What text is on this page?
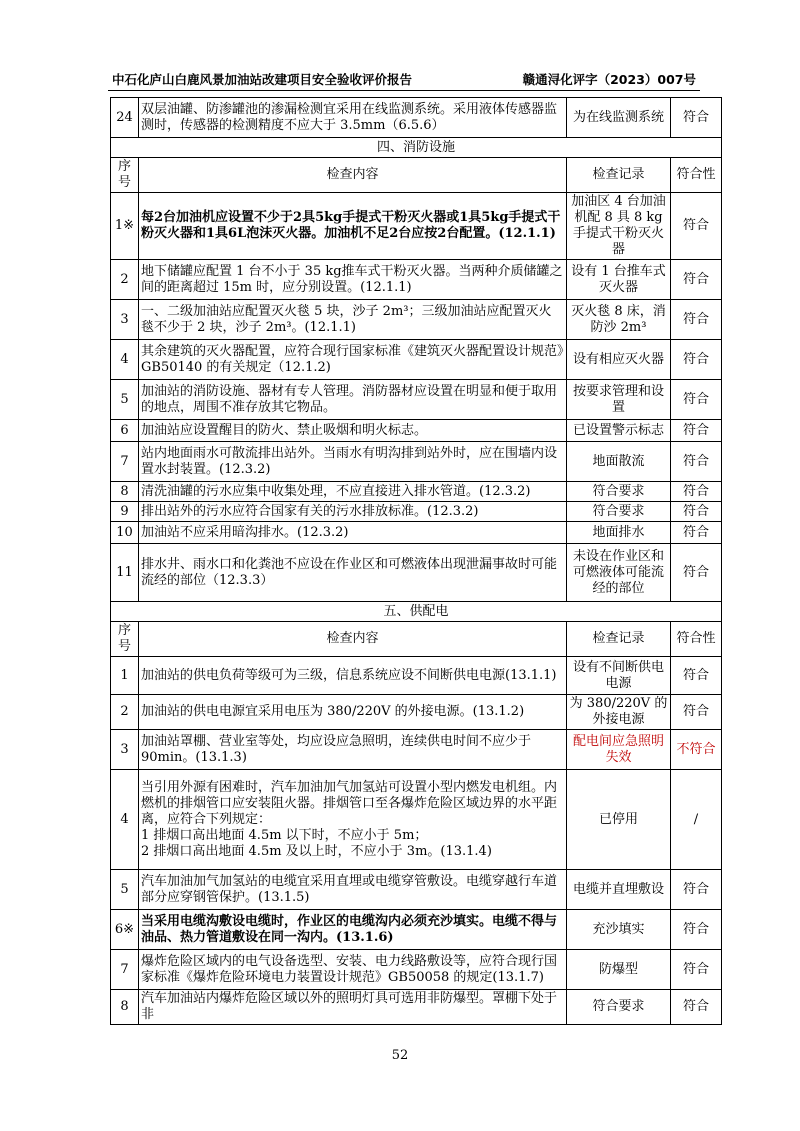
中石化庐山白鹿风景加油站改建项目安全验收评价报告	赣通浔化评字（2023）007号
24	双层油罐、防渗罐池的渗漏检测宜采用在线监测系统。采用液体传感器监测时，传感器的检测精度不应大于 3.5mm（6.5.6）	为在线监测系统	符合
四、消防设施			
序号	检查内容	检查记录	符合性
1※	每2台加油机应设置不少于2具5kg手提式干粉灭火器或1具5kg手提式干粉灭火器和1具6L泡沫灭火器。加油机不足2台应按2台配置。(12.1.1)	加油区 4 台加油机配 8 具 8 kg手提式干粉灭火器	符合
2	地下储罐应配置 1 台不小于 35 kg推车式干粉灭火器。当两种介质储罐之间的距离超过 15m 时，应分别设置。(12.1.1)	设有 1 台推车式灭火器	符合
3	一、二级加油站应配置灭火毯 5 块，沙子 2m³；三级加油站应配置灭火毯不少于 2 块，沙子 2m³。(12.1.1)	灭火毯 8 床，消防沙 2m³	符合
4	其余建筑的灭火器配置，应符合现行国家标准《建筑灭火器配置设计规范》GB50140 的有关规定（12.1.2)	设有相应灭火器	符合
5	加油站的消防设施、器材有专人管理。消防器材应设置在明显和便于取用的地点，周围不准存放其它物品。	按要求管理和设置	符合
6	加油站应设置醒目的防火、禁止吸烟和明火标志。	已设置警示标志	符合
7	站内地面雨水可散流排出站外。当雨水有明沟排到站外时，应在围墙内设置水封装置。(12.3.2)	地面散流	符合
8	清洗油罐的污水应集中收集处理，不应直接进入排水管道。(12.3.2)	符合要求	符合
9	排出站外的污水应符合国家有关的污水排放标准。(12.3.2)	符合要求	符合
10	加油站不应采用暗沟排水。(12.3.2)	地面排水	符合
11	排水井、雨水口和化粪池不应设在作业区和可燃液体出现泄漏事故时可能流经的部位（12.3.3）	未设在作业区和可燃液体可能流经的部位	符合
五、供配电			
序号	检查内容	检查记录	符合性
1	加油站的供电负荷等级可为三级，信息系统应设不间断供电电源(13.1.1)	设有不间断供电电源	符合
2	加油站的供电电源宜采用电压为 380/220V 的外接电源。(13.1.2)	为 380/220V 的外接电源	符合
3	加油站罩棚、营业室等处，均应设应急照明，连续供电时间不应少于 90min。(13.1.3)	配电间应急照明失效	不符合
4	当引用外源有困难时，汽车加油加气加氢站可设置小型内燃发电机组。内燃机的排烟管口应安装阻火器。排烟管口至各爆炸危险区域边界的水平距离，应符合下列规定：
1 排烟口高出地面 4.5m 以下时，不应小于 5m；
2 排烟口高出地面 4.5m 及以上时，不应小于 3m。(13.1.4)	已停用	/
5	汽车加油加气加氢站的电缆宜采用直埋或电缆穿管敷设。电缆穿越行车道部分应穿钢管保护。(13.1.5)	电缆并直埋敷设	符合
6※	当采用电缆沟敷设电缆时，作业区的电缆沟内必须充沙填实。电缆不得与油品、热力管道敷设在同一沟内。(13.1.6)	充沙填实	符合
7	爆炸危险区域内的电气设备选型、安装、电力线路敷设等，应符合现行国家标准《爆炸危险环境电力装置设计规范》GB50058 的规定(13.1.7)	防爆型	符合
8	汽车加油站内爆炸危险区域以外的照明灯具可选用非防爆型。罩棚下处于非	符合要求	符合
52
